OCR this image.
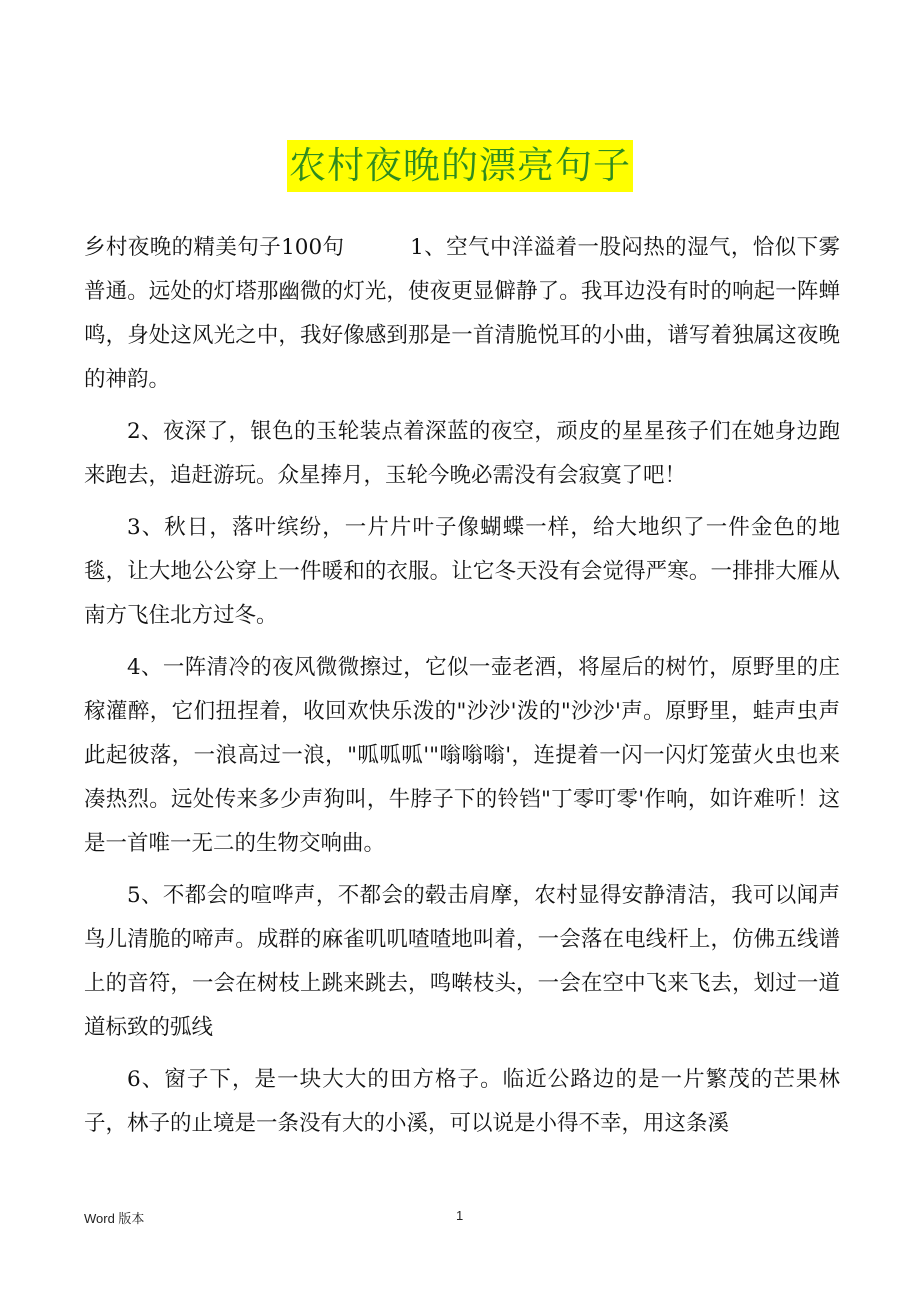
农村夜晚的漂亮句子

乡村夜晚的精美句子100句　　　1、空气中洋溢着一股闷热的湿气，恰似下雾普通。远处的灯塔那幽微的灯光，使夜更显僻静了。我耳边没有时的响起一阵蝉鸣，身处这风光之中，我好像感到那是一首清脆悦耳的小曲，谱写着独属这夜晚的神韵。

2、夜深了，银色的玉轮装点着深蓝的夜空，顽皮的星星孩子们在她身边跑来跑去，追赶游玩。众星捧月，玉轮今晚必需没有会寂寞了吧！

3、秋日，落叶缤纷，一片片叶子像蝴蝶一样，给大地织了一件金色的地毯，让大地公公穿上一件暖和的衣服。让它冬天没有会觉得严寒。一排排大雁从南方飞住北方过冬。

4、一阵清冷的夜风微微擦过，它似一壶老酒，将屋后的树竹，原野里的庄稼灌醉，它们扭捏着，收回欢快乐泼的"沙沙'泼的"沙沙'声。原野里，蛙声虫声此起彼落，一浪高过一浪，"呱呱呱'"嗡嗡嗡'，连提着一闪一闪灯笼萤火虫也来凑热烈。远处传来多少声狗叫，牛脖子下的铃铛"丁零叮零'作响，如许难听！这是一首唯一无二的生物交响曲。

5、不都会的喧哗声，不都会的毂击肩摩，农村显得安静清洁，我可以闻声鸟儿清脆的啼声。成群的麻雀叽叽喳喳地叫着，一会落在电线杆上，仿佛五线谱上的音符，一会在树枝上跳来跳去，鸣啭枝头，一会在空中飞来飞去，划过一道道标致的弧线

6、窗子下，是一块大大的田方格子。临近公路边的是一片繁茂的芒果林子，林子的止境是一条没有大的小溪，可以说是小得不幸，用这条溪

Word 版本	1
